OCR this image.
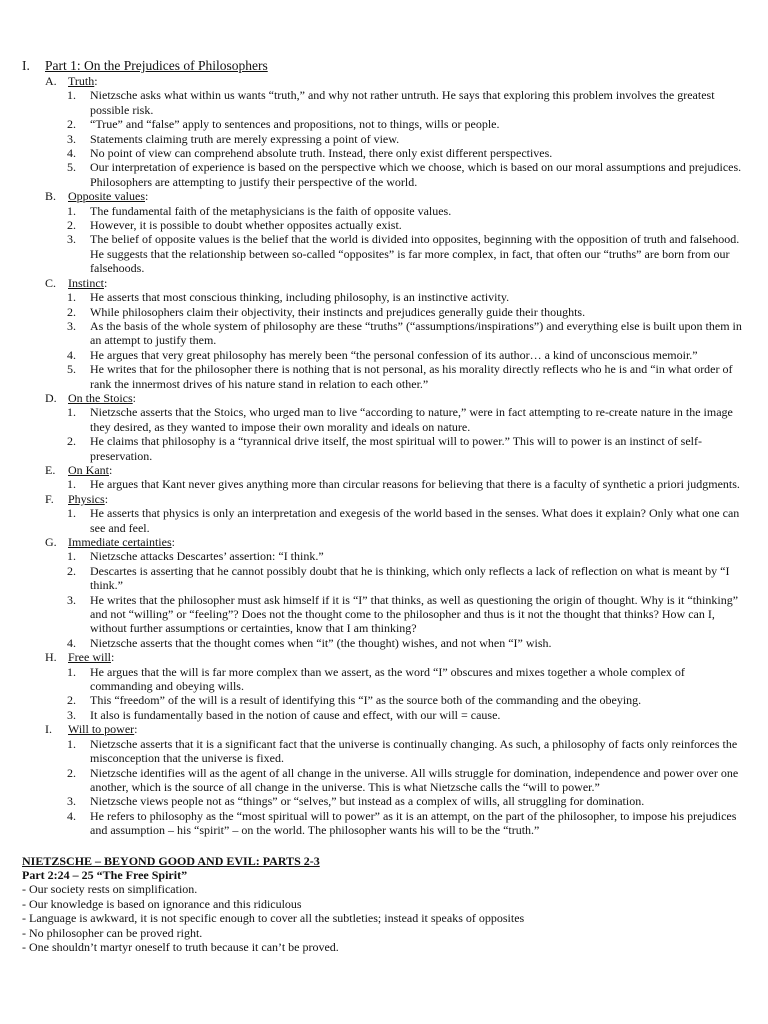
I.	Part 1: On the Prejudices of Philosophers
A. Truth :
1.	Nietzsche asks what within us wants “truth,” and why not rather untruth. He says that exploring this problem involves the greatest possible risk.
2.	“True” and “false” apply to sentences and propositions, not to things, wills or people.
3.	Statements claiming truth are merely expressing a point of view.
4.	No point of view can comprehend absolute truth. Instead, there only exist different perspectives.
5.	Our interpretation of experience is based on the perspective which we choose, which is based on our moral assumptions and prejudices. Philosophers are attempting to justify their perspective of the world.
B. Opposite values :
1.	The fundamental faith of the metaphysicians is the faith of opposite values.
2.	However, it is possible to doubt whether opposites actually exist.
3.	The belief of opposite values is the belief that the world is divided into opposites, beginning with the opposition of truth and falsehood. He suggests that the relationship between so-called “opposites” is far more complex, in fact, that often our “truths” are born from our falsehoods.
C. Instinct :
1.	He asserts that most conscious thinking, including philosophy, is an instinctive activity.
2.	While philosophers claim their objectivity, their instincts and prejudices generally guide their thoughts.
3.	As the basis of the whole system of philosophy are these “truths” (“assumptions/inspirations”) and everything else is built upon them in an attempt to justify them.
4.	He argues that very great philosophy has merely been “the personal confession of its author… a kind of unconscious memoir.”
5.	He writes that for the philosopher there is nothing that is not personal, as his morality directly reflects who he is and “in what order of rank the innermost drives of his nature stand in relation to each other.”
D. On the Stoics :
1.	Nietzsche asserts that the Stoics, who urged man to live “according to nature,” were in fact attempting to re-create nature in the image they desired, as they wanted to impose their own morality and ideals on nature.
2.	He claims that philosophy is a “tyrannical drive itself, the most spiritual will to power.” This will to power is an instinct of self-preservation.
E.	On Kant :
1.	He argues that Kant never gives anything more than circular reasons for believing that there is a faculty of synthetic a priori judgments.
F.	Physics :
1.	He asserts that physics is only an interpretation and exegesis of the world based in the senses. What does it explain? Only what one can see and feel.
G. Immediate certainties :
1.	Nietzsche attacks Descartes’ assertion: “I think.”
2.	Descartes is asserting that he cannot possibly doubt that he is thinking, which only reflects a lack of reflection on what is meant by “I think.”
3.	He writes that the philosopher must ask himself if it is “I” that thinks, as well as questioning the origin of thought. Why is it “thinking” and not “willing” or “feeling”? Does not the thought come to the philosopher and thus is it not the thought that thinks? How can I, without further assumptions or certainties, know that I am thinking?
4.	Nietzsche asserts that the thought comes when “it” (the thought) wishes, and not when “I” wish.
H. Free will :
1.	He argues that the will is far more complex than we assert, as the word “I” obscures and mixes together a whole complex of commanding and obeying wills.
2.	This “freedom” of the will is a result of identifying this “I” as the source both of the commanding and the obeying.
3.	It also is fundamentally based in the notion of cause and effect, with our will = cause.
I.	Will to power :
1.	Nietzsche asserts that it is a significant fact that the universe is continually changing. As such, a philosophy of facts only reinforces the misconception that the universe is fixed.
2.	Nietzsche identifies will as the agent of all change in the universe. All wills struggle for domination, independence and power over one another, which is the source of all change in the universe. This is what Nietzsche calls the “will to power.”
3.	Nietzsche views people not as “things” or “selves,” but instead as a complex of wills, all struggling for domination.
4.	He refers to philosophy as the “most spiritual will to power” as it is an attempt, on the part of the philosopher, to impose his prejudices and assumption – his “spirit” – on the world. The philosopher wants his will to be the “truth.”
NIETZSCHE – BEYOND GOOD AND EVIL: PARTS 2-3
Part 2:24 – 25 “The Free Spirit”
- Our society rests on simplification.
- Our knowledge is based on ignorance and this ridiculous
- Language is awkward, it is not specific enough to cover all the subtleties; instead it speaks of opposites
- No philosopher can be proved right.
- One shouldn’t martyr oneself to truth because it can’t be proved.
